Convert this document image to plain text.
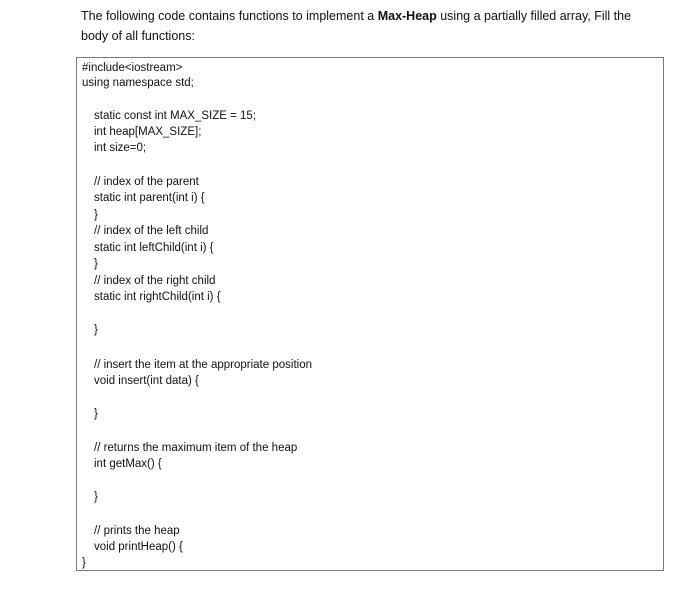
The following code contains functions to implement a Max-Heap using a partially filled array, Fill the body of all functions:
#include<iostream>
using namespace std;
static const int MAX_SIZE = 15;
int heap[MAX_SIZE];
int size=0;
// index of the parent
static int parent(int i) {
}
// index of the left child
static int leftChild(int i) {
}
// index of the right child
static int rightChild(int i) {
}
// insert the item at the appropriate position
void insert(int data) {
}
// returns the maximum item of the heap
int getMax() {
}
// prints the heap
void printHeap() {
}
